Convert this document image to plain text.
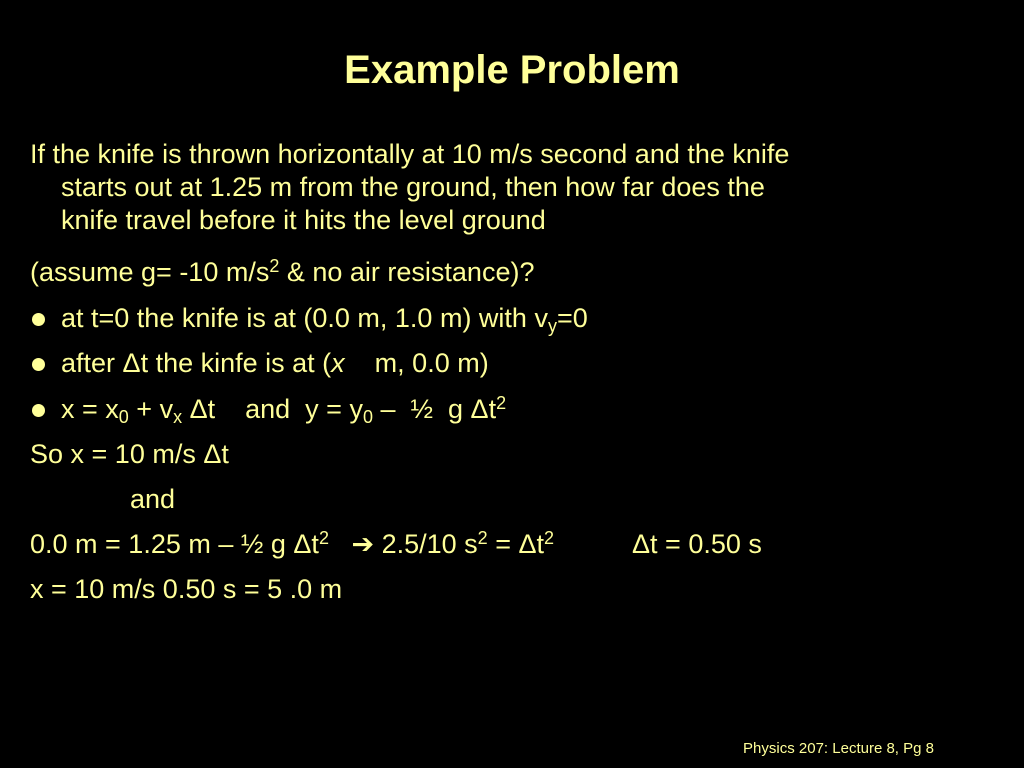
Example Problem
If the knife is thrown horizontally at 10 m/s second and the knife
starts out at 1.25 m from the ground, then how far does the
knife travel before it hits the level ground
(assume g= -10 $m/s^2$ & no air resistance)?
at t=0 the knife is at (0.0 m, 1.0 m) with $v_y=0$
after Δt the kinfe is at (x    m, 0.0 m)
$x = x_0 + v_x$ Δt    and  $y = y_0$ –  ½  g $\Delta t^2$
So x = 10 m/s Δt
and
0.0 m = 1.25 m – ½ g $\Delta t^2$ ➔ 2.5/10 $s^2 = \Delta t^2$	Δt = 0.50 s
x = 10 m/s 0.50 s = 5 .0 m
Physics 207: Lecture 8, Pg 8
